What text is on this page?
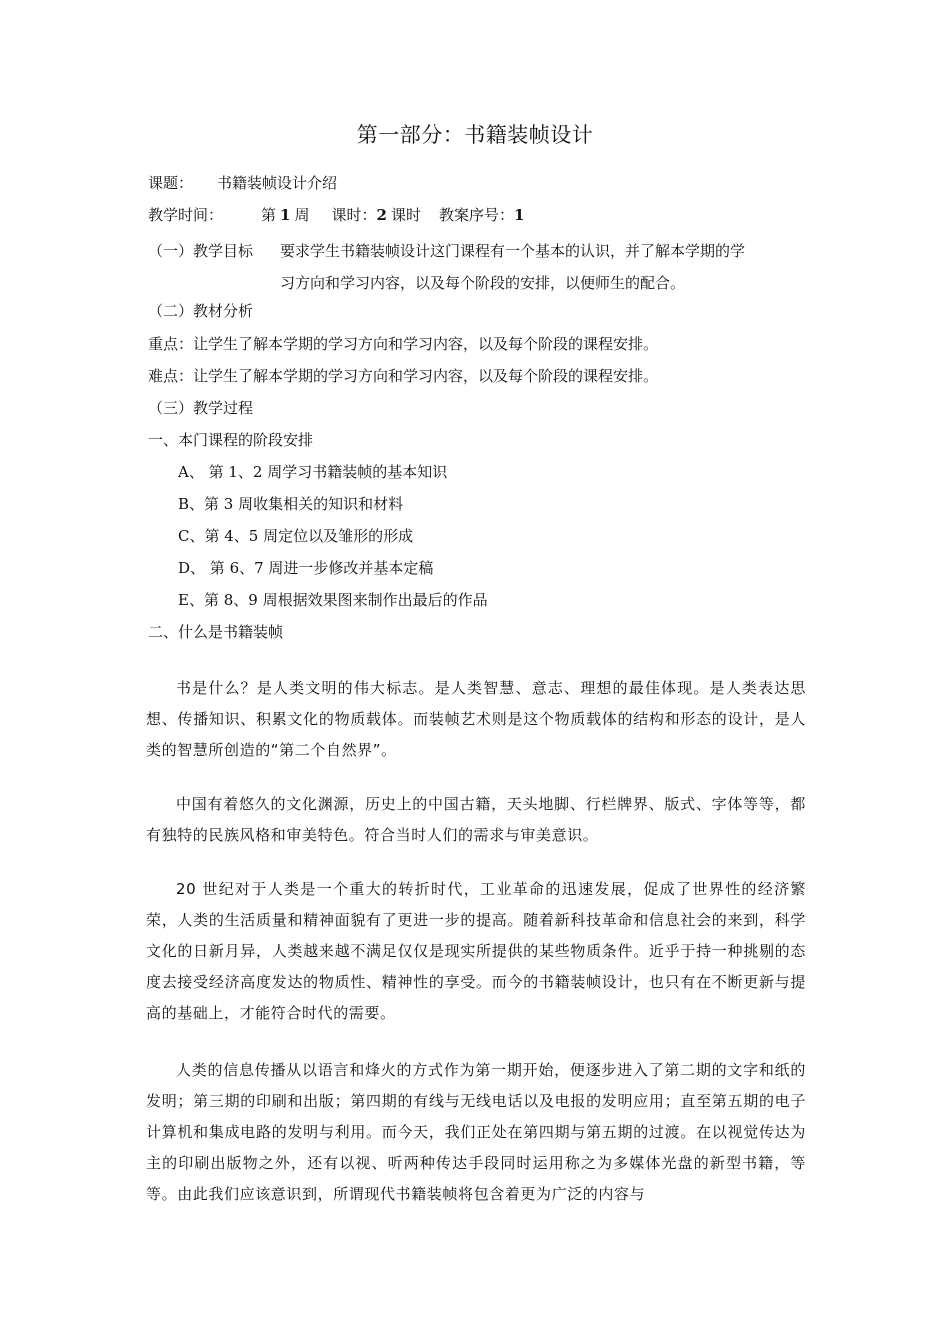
第一部分：书籍装帧设计
课题： 书籍装帧设计介绍
教学时间：	第 1 周 课时：2 课时 教案序号：1
（一）教学目标 要求学生书籍装帧设计这门课程有一个基本的认识，并了解本学期的学
习方向和学习内容，以及每个阶段的安排，以便师生的配合。
（二）教材分析
重点：让学生了解本学期的学习方向和学习内容，以及每个阶段的课程安排。
难点：让学生了解本学期的学习方向和学习内容，以及每个阶段的课程安排。
（三）教学过程
一、本门课程的阶段安排
A、 第 1、2 周学习书籍装帧的基本知识
B、第 3 周收集相关的知识和材料
C、第 4、5 周定位以及雏形的形成
D、 第 6、7 周进一步修改并基本定稿
E、第 8、9 周根据效果图来制作出最后的作品
二、什么是书籍装帧
书是什么？是人类文明的伟大标志。是人类智慧、意志、理想的最佳体现。是人类表达思想、传播知识、积累文化的物质载体。而装帧艺术则是这个物质载体的结构和形态的设计，是人类的智慧所创造的“第二个自然界”。
中国有着悠久的文化渊源，历史上的中国古籍，天头地脚、行栏牌界、版式、字体等等，都有独特的民族风格和审美特色。符合当时人们的需求与审美意识。
20 世纪对于人类是一个重大的转折时代，工业革命的迅速发展，促成了世界性的经济繁荣，人类的生活质量和精神面貌有了更进一步的提高。随着新科技革命和信息社会的来到，科学文化的日新月异，人类越来越不满足仅仅是现实所提供的某些物质条件。近乎于持一种挑剔的态度去接受经济高度发达的物质性、精神性的享受。而今的书籍装帧设计，也只有在不断更新与提高的基础上，才能符合时代的需要。
人类的信息传播从以语言和烽火的方式作为第一期开始，便逐步进入了第二期的文字和纸的发明；第三期的印刷和出版；第四期的有线与无线电话以及电报的发明应用；直至第五期的电子计算机和集成电路的发明与利用。而今天，我们正处在第四期与第五期的过渡。在以视觉传达为主的印刷出版物之外，还有以视、听两种传达手段同时运用称之为多媒体光盘的新型书籍，等等。由此我们应该意识到，所谓现代书籍装帧将包含着更为广泛的内容与
